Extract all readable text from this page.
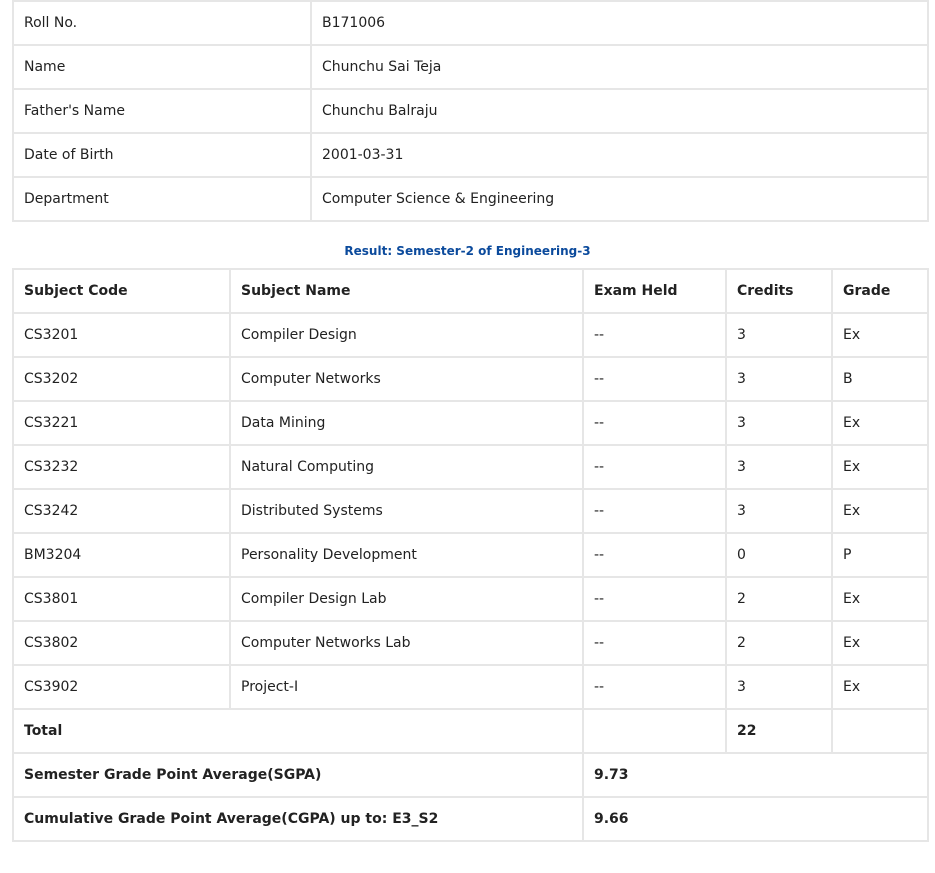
Roll No.	B171006
Name	Chunchu Sai Teja
Father's Name	Chunchu Balraju
Date of Birth	2001-03-31
Department	Computer Science & Engineering
Result: Semester-2 of Engineering-3
Subject Code	Subject Name	Exam Held	Credits	Grade
CS3201	Compiler Design	--	3	Ex
CS3202	Computer Networks	--	3	B
CS3221	Data Mining	--	3	Ex
CS3232	Natural Computing	--	3	Ex
CS3242	Distributed Systems	--	3	Ex
BM3204	Personality Development	--	0	P
CS3801	Compiler Design Lab	--	2	Ex
CS3802	Computer Networks Lab	--	2	Ex
CS3902	Project-I	--	3	Ex
Total			22	
Semester Grade Point Average(SGPA)		9.73		
Cumulative Grade Point Average(CGPA) up to: E3_S2		9.66		
